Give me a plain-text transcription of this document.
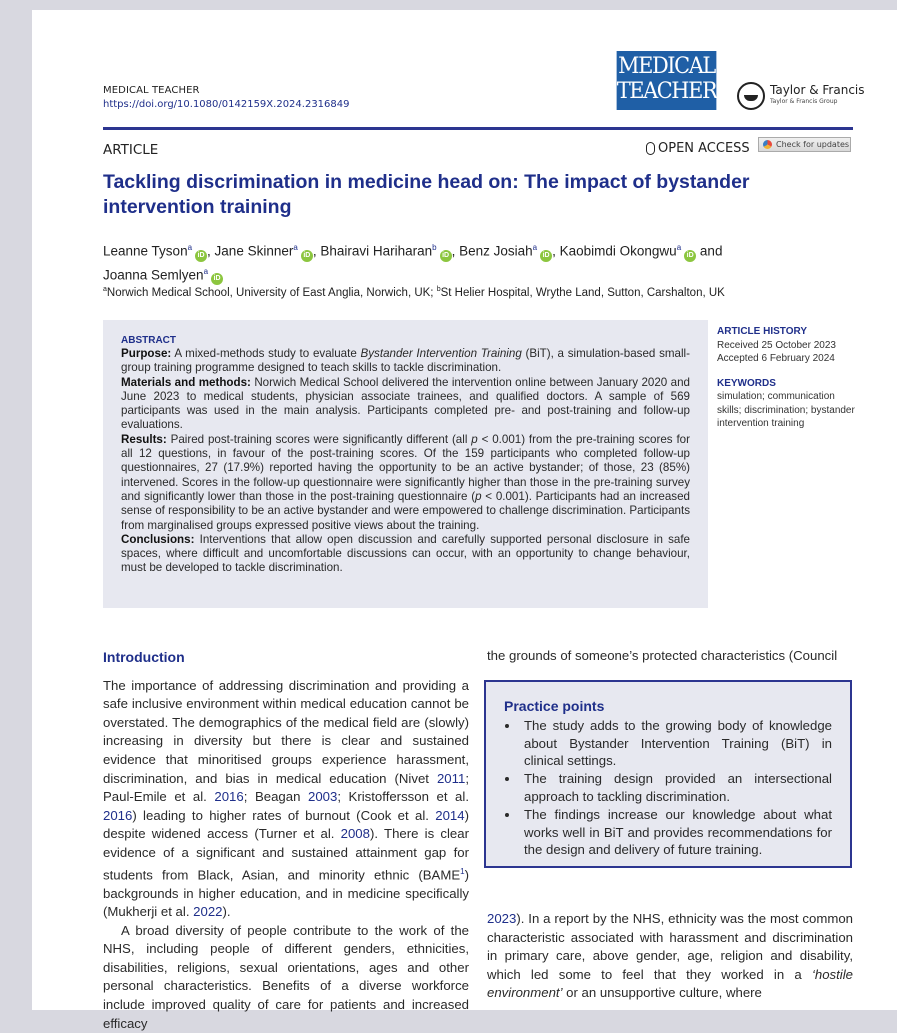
MEDICAL TEACHER
https://doi.org/10.1080/0142159X.2024.2316849
MEDICAL
TEACHER	Taylor & Francis
Taylor & Francis Group
ARTICLE	OPEN ACCESS	Check for updates
Tackling discrimination in medicine head on: The impact of bystander intervention training
Leanne Tyson$^a$iD , Jane Skinner$^a$iD , Bhairavi Hariharan$^b$iD , Benz Josiah$^a$iD , Kaobimdi Okongwu$^a$iD and
Joanna Semlyen$^a$iD
$^a$Norwich Medical School, University of East Anglia, Norwich, UK; $^b$St Helier Hospital, Wrythe Land, Sutton, Carshalton, UK
ABSTRACT

Purpose: A mixed-methods study to evaluate Bystander Intervention Training (BiT), a simulation-based small-group training programme designed to teach skills to tackle discrimination.

Materials and methods: Norwich Medical School delivered the intervention online between January 2020 and June 2023 to medical students, physician associate trainees, and qualified doctors. A sample of 569 participants was used in the main analysis. Participants completed pre- and post-training and follow-up evaluations.

Results: Paired post-training scores were significantly different (all p < 0.001) from the pre-training scores for all 12 questions, in favour of the post-training scores. Of the 159 participants who completed follow-up questionnaires, 27 (17.9%) reported having the opportunity to be an active bystander; of those, 23 (85%) intervened. Scores in the follow-up questionnaire were significantly higher than those in the pre-training survey and significantly lower than those in the post-training questionnaire (p < 0.001). Participants had an increased sense of responsibility to be an active bystander and were empowered to challenge discrimination. Participants from marginalised groups expressed positive views about the training.

Conclusions: Interventions that allow open discussion and carefully supported personal disclosure in safe spaces, where difficult and uncomfortable discussions can occur, with an opportunity to change behaviour, must be developed to tackle discrimination.

ARTICLE HISTORY
Received 25 October 2023
Accepted 6 February 2024
KEYWORDS
simulation; communication skills; discrimination; bystander intervention training

Introduction

The importance of addressing discrimination and providing a safe inclusive environment within medical education cannot be overstated. The demographics of the medical field are (slowly) increasing in diversity but there is clear and sustained evidence that minoritised groups experience harassment, discrimination, and bias in medical education (Nivet 2011; Paul-Emile et al. 2016; Beagan 2003; Kristoffersson et al. 2016) leading to higher rates of burnout (Cook et al. 2014) despite widened access (Turner et al. 2008). There is clear evidence of a significant and sustained attainment gap for students from Black, Asian, and minority ethnic (BAME$^1$) backgrounds in higher education, and in medicine specifically (Mukherji et al. 2022).

A broad diversity of people contribute to the work of the NHS, including people of different genders, ethnicities, disabilities, religions, sexual orientations, ages and other personal characteristics. Benefits of a diverse workforce include improved quality of care for patients and increased efficacy

the grounds of someone’s protected characteristics (Council
Practice points
• The study adds to the growing body of knowledge about Bystander Intervention Training (BiT) in clinical settings.
• The training design provided an intersectional approach to tackling discrimination.
• The findings increase our knowledge about what works well in BiT and provides recommendations for the design and delivery of future training.

2023). In a report by the NHS, ethnicity was the most common characteristic associated with harassment and discrimination in primary care, above gender, age, religion and disability, which led some to feel that they worked in a ‘hostile environment’ or an unsupportive culture, where
